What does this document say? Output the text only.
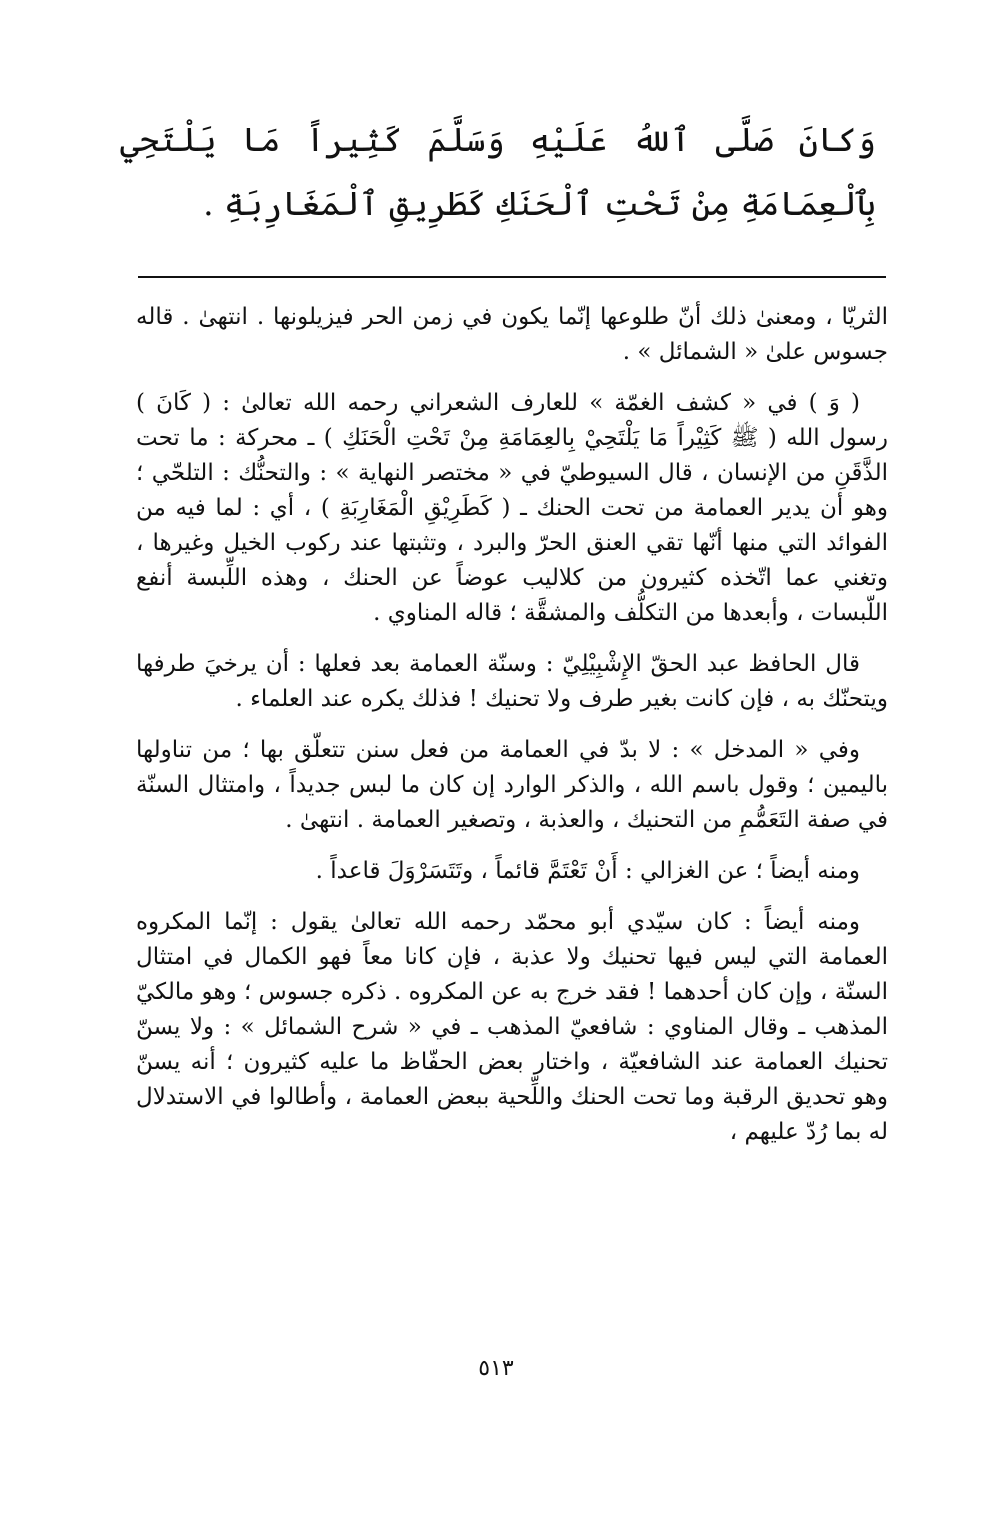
وَكانَ صَلَّى ٱللهُ عَلَيْهِ وَسَلَّمَ كَثِيراً مَا يَلْتَحِي بِٱلْعِمَامَةِ مِنْ تَحْتِ ٱلْحَنَكِ كَطَرِيقِ ٱلْمَغَارِبَةِ .

الثريّا ، ومعنىٰ ذلك أنّ طلوعها إنّما يكون في زمن الحر فيزيلونها . انتهىٰ . قاله جسوس علىٰ « الشمائل » .

( وَ ) في « كشف الغمّة » للعارف الشعراني رحمه الله تعالىٰ : ( كَانَ ) رسول الله ( ﷺ كَثِيْراً مَا يَلْتَحِيْ بِالعِمَامَةِ مِنْ تَحْتِ الْحَنَكِ ) ـ محركة : ما تحت الذَّقَنِ من الإنسان ، قال السيوطيّ في « مختصر النهاية » : والتحنُّك : التلحّي ؛ وهو أن يدير العمامة من تحت الحنك ـ ( كَطَرِيْقِ الْمَغَارِبَةِ ) ، أي : لما فيه من الفوائد التي منها أنّها تقي العنق الحرّ والبرد ، وتثبتها عند ركوب الخيل وغيرها ، وتغني عما اتّخذه كثيرون من كلاليب عوضاً عن الحنك ، وهذه اللِّبسة أنفع اللّبسات ، وأبعدها من التكلُّف والمشقَّة ؛ قاله المناوي .

قال الحافظ عبد الحقّ الإِشْبِيْلِيّ : وسنّة العمامة بعد فعلها : أن يرخيَ طرفها ويتحنّك به ، فإن كانت بغير طرف ولا تحنيك ! فذلك يكره عند العلماء .

وفي « المدخل » : لا بدّ في العمامة من فعل سنن تتعلّق بها ؛ من تناولها باليمين ؛ وقول باسم الله ، والذكر الوارد إن كان ما لبس جديداً ، وامتثال السنّة في صفة التَعَمُّمِ من التحنيك ، والعذبة ، وتصغير العمامة . انتهىٰ .

ومنه أيضاً ؛ عن الغزالي : أَنْ تَعْتَمَّ قائماً ، وتَتَسَرْوَلَ قاعداً .

ومنه أيضاً : كان سيّدي أبو محمّد رحمه الله تعالىٰ يقول : إنّما المكروه العمامة التي ليس فيها تحنيك ولا عذبة ، فإن كانا معاً فهو الكمال في امتثال السنّة ، وإن كان أحدهما ! فقد خرج به عن المكروه . ذكره جسوس ؛ وهو مالكيّ المذهب ـ وقال المناوي : شافعيّ المذهب ـ في « شرح الشمائل » : ولا يسنّ تحنيك العمامة عند الشافعيّة ، واختار بعض الحفّاظ ما عليه كثيرون ؛ أنه يسنّ وهو تحديق الرقبة وما تحت الحنك واللِّحية ببعض العمامة ، وأطالوا في الاستدلال له بما رُدّ عليهم ،

٥١٣
